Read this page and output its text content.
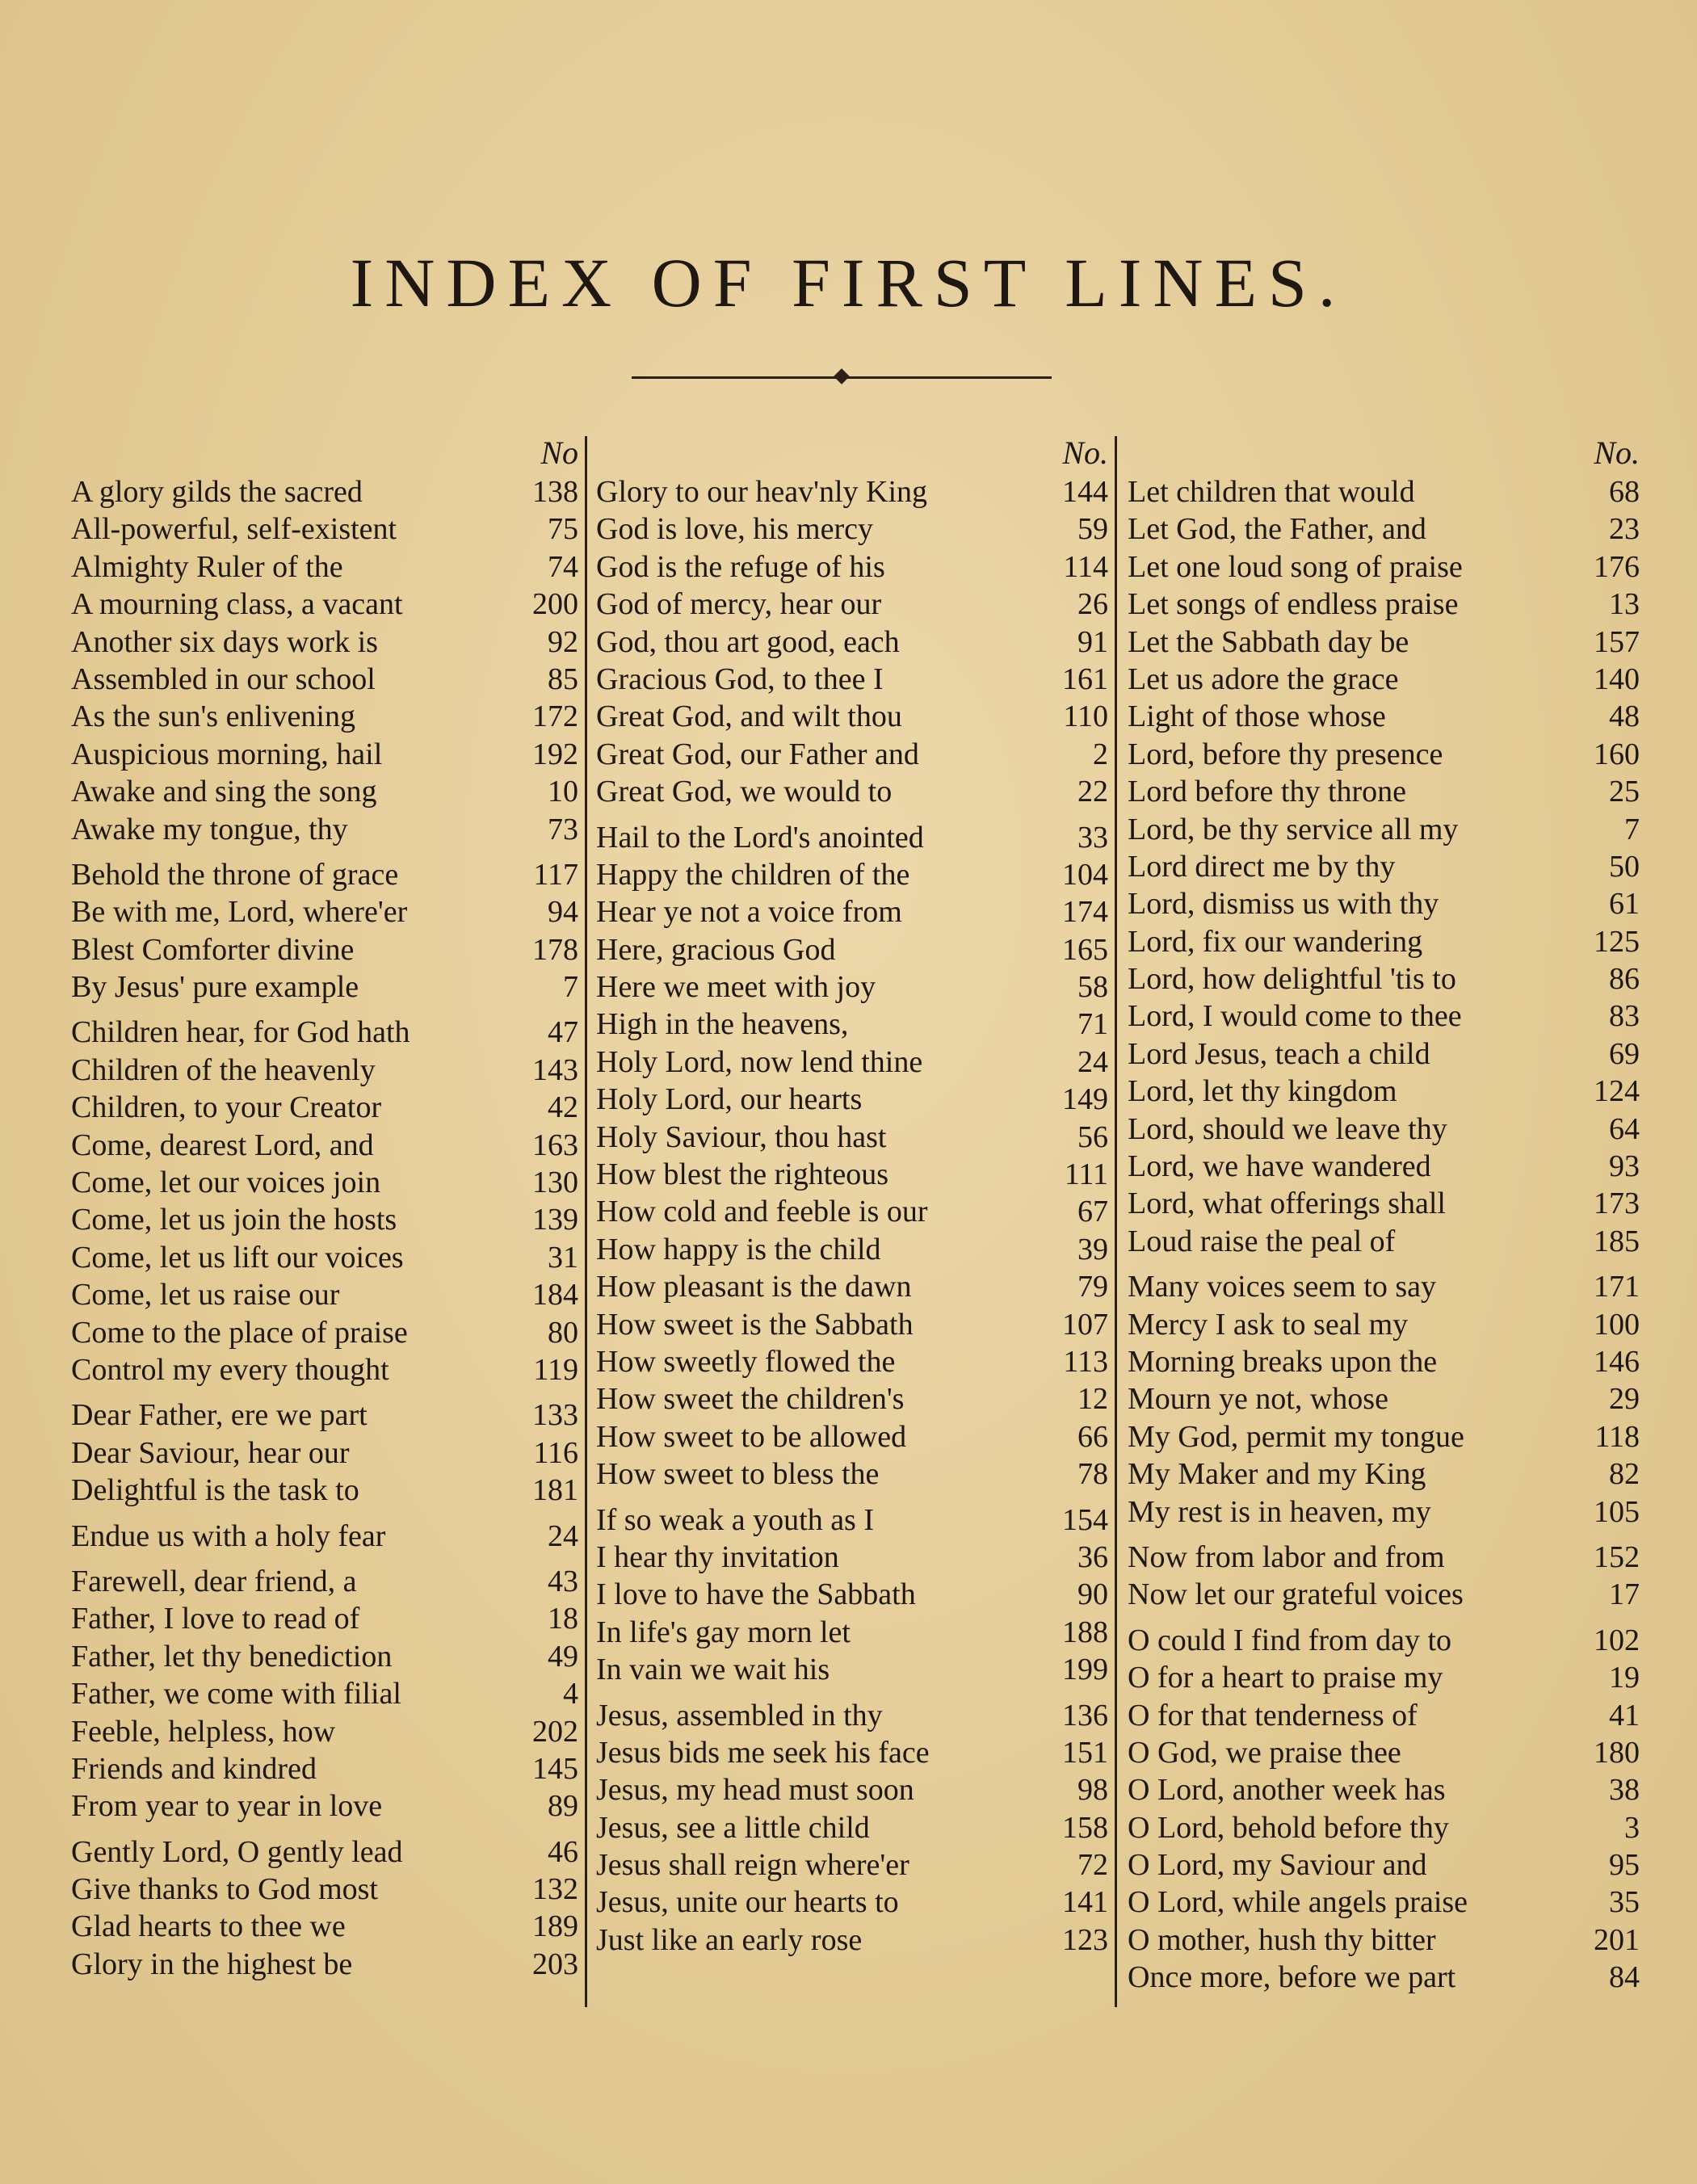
INDEX OF FIRST LINES.
No
A glory gilds the sacred	138
All-powerful, self-existent	75
Almighty Ruler of the	74
A mourning class, a vacant	200
Another six days work is	92
Assembled in our school	85
As the sun's enlivening	172
Auspicious morning, hail	192
Awake and sing the song	10
Awake my tongue, thy	73
Behold the throne of grace	117
Be with me, Lord, where'er	94
Blest Comforter divine	178
By Jesus' pure example	7
Children hear, for God hath	47
Children of the heavenly	143
Children, to your Creator	42
Come, dearest Lord, and	163
Come, let our voices join	130
Come, let us join the hosts	139
Come, let us lift our voices	31
Come, let us raise our	184
Come to the place of praise	80
Control my every thought	119
Dear Father, ere we part	133
Dear Saviour, hear our	116
Delightful is the task to	181
Endue us with a holy fear	24
Farewell, dear friend, a	43
Father, I love to read of	18
Father, let thy benediction	49
Father, we come with filial	4
Feeble, helpless, how	202
Friends and kindred	145
From year to year in love	89
Gently Lord, O gently lead	46
Give thanks to God most	132
Glad hearts to thee we	189
Glory in the highest be	203
No.
Glory to our heav'nly King	144
God is love, his mercy	59
God is the refuge of his	114
God of mercy, hear our	26
God, thou art good, each	91
Gracious God, to thee I	161
Great God, and wilt thou	110
Great God, our Father and	2
Great God, we would to	22
Hail to the Lord's anointed	33
Happy the children of the	104
Hear ye not a voice from	174
Here, gracious God	165
Here we meet with joy	58
High in the heavens,	71
Holy Lord, now lend thine	24
Holy Lord, our hearts	149
Holy Saviour, thou hast	56
How blest the righteous	111
How cold and feeble is our	67
How happy is the child	39
How pleasant is the dawn	79
How sweet is the Sabbath	107
How sweetly flowed the	113
How sweet the children's	12
How sweet to be allowed	66
How sweet to bless the	78
If so weak a youth as I	154
I hear thy invitation	36
I love to have the Sabbath	90
In life's gay morn let	188
In vain we wait his	199
Jesus, assembled in thy	136
Jesus bids me seek his face	151
Jesus, my head must soon	98
Jesus, see a little child	158
Jesus shall reign where'er	72
Jesus, unite our hearts to	141
Just like an early rose	123
No.
Let children that would	68
Let God, the Father, and	23
Let one loud song of praise	176
Let songs of endless praise	13
Let the Sabbath day be	157
Let us adore the grace	140
Light of those whose	48
Lord, before thy presence	160
Lord before thy throne	25
Lord, be thy service all my	7
Lord direct me by thy	50
Lord, dismiss us with thy	61
Lord, fix our wandering	125
Lord, how delightful 'tis to	86
Lord, I would come to thee	83
Lord Jesus, teach a child	69
Lord, let thy kingdom	124
Lord, should we leave thy	64
Lord, we have wandered	93
Lord, what offerings shall	173
Loud raise the peal of	185
Many voices seem to say	171
Mercy I ask to seal my	100
Morning breaks upon the	146
Mourn ye not, whose	29
My God, permit my tongue	118
My Maker and my King	82
My rest is in heaven, my	105
Now from labor and from	152
Now let our grateful voices	17
O could I find from day to	102
O for a heart to praise my	19
O for that tenderness of	41
O God, we praise thee	180
O Lord, another week has	38
O Lord, behold before thy	3
O Lord, my Saviour and	95
O Lord, while angels praise	35
O mother, hush thy bitter	201
Once more, before we part	84
